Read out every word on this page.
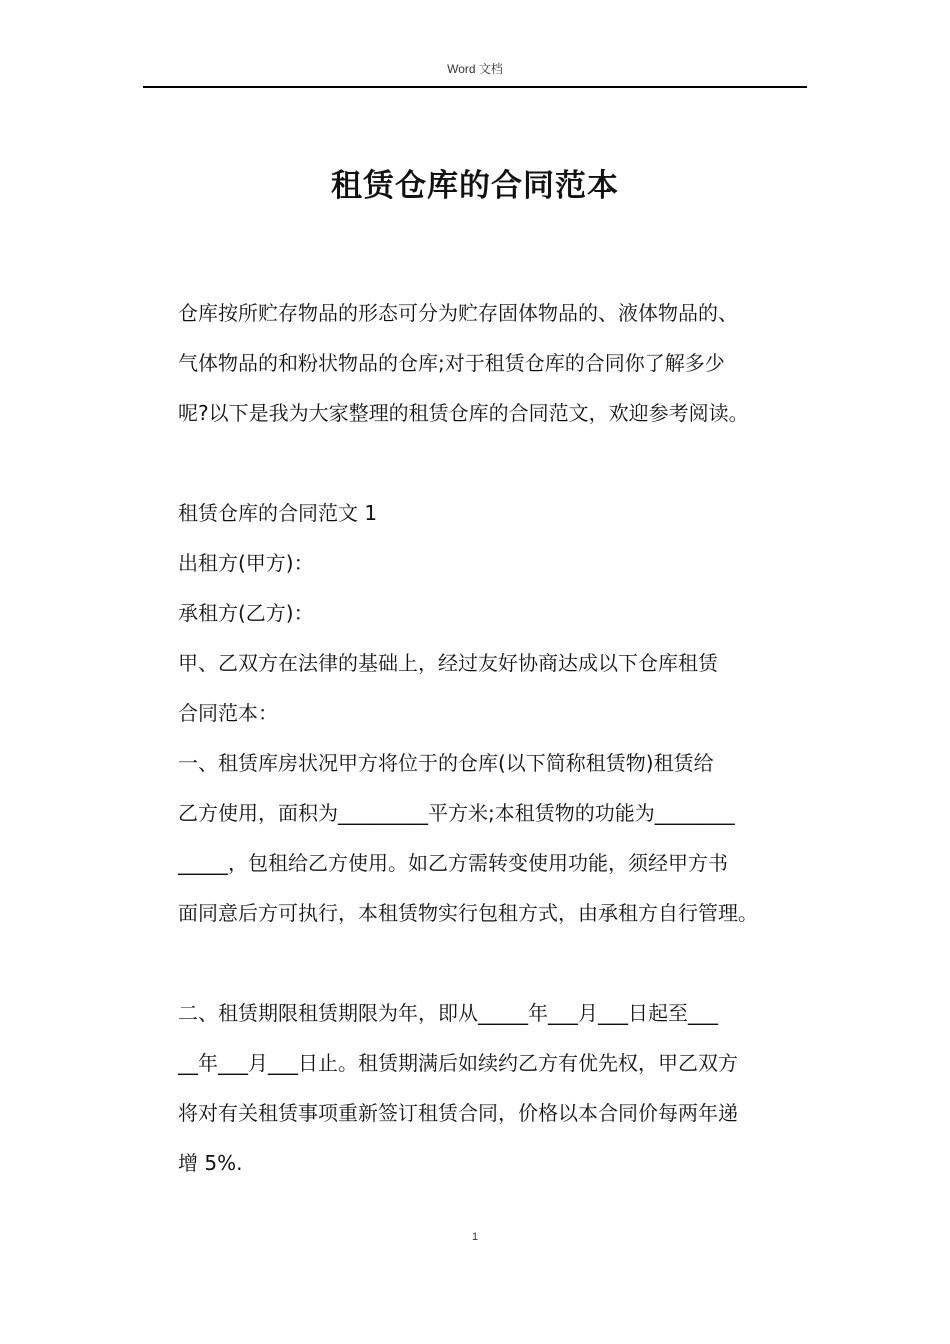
Word 文档
租赁仓库的合同范本
仓库按所贮存物品的形态可分为贮存固体物品的、液体物品的、
气体物品的和粉状物品的仓库;对于租赁仓库的合同你了解多少
呢?以下是我为大家整理的租赁仓库的合同范文，欢迎参考阅读。
租赁仓库的合同范文 1
出租方(甲方)：
承租方(乙方)：
甲、乙双方在法律的基础上，经过友好协商达成以下仓库租赁
合同范本：
一、租赁库房状况甲方将位于的仓库(以下简称租赁物)租赁给
乙方使用，面积为_________平方米;本租赁物的功能为________
_____，包租给乙方使用。如乙方需转变使用功能，须经甲方书
面同意后方可执行，本租赁物实行包租方式，由承租方自行管理。
二、租赁期限租赁期限为年，即从_____年___月___日起至___
__年___月___日止。租赁期满后如续约乙方有优先权，甲乙双方
将对有关租赁事项重新签订租赁合同，价格以本合同价每两年递
增 5%.
1
